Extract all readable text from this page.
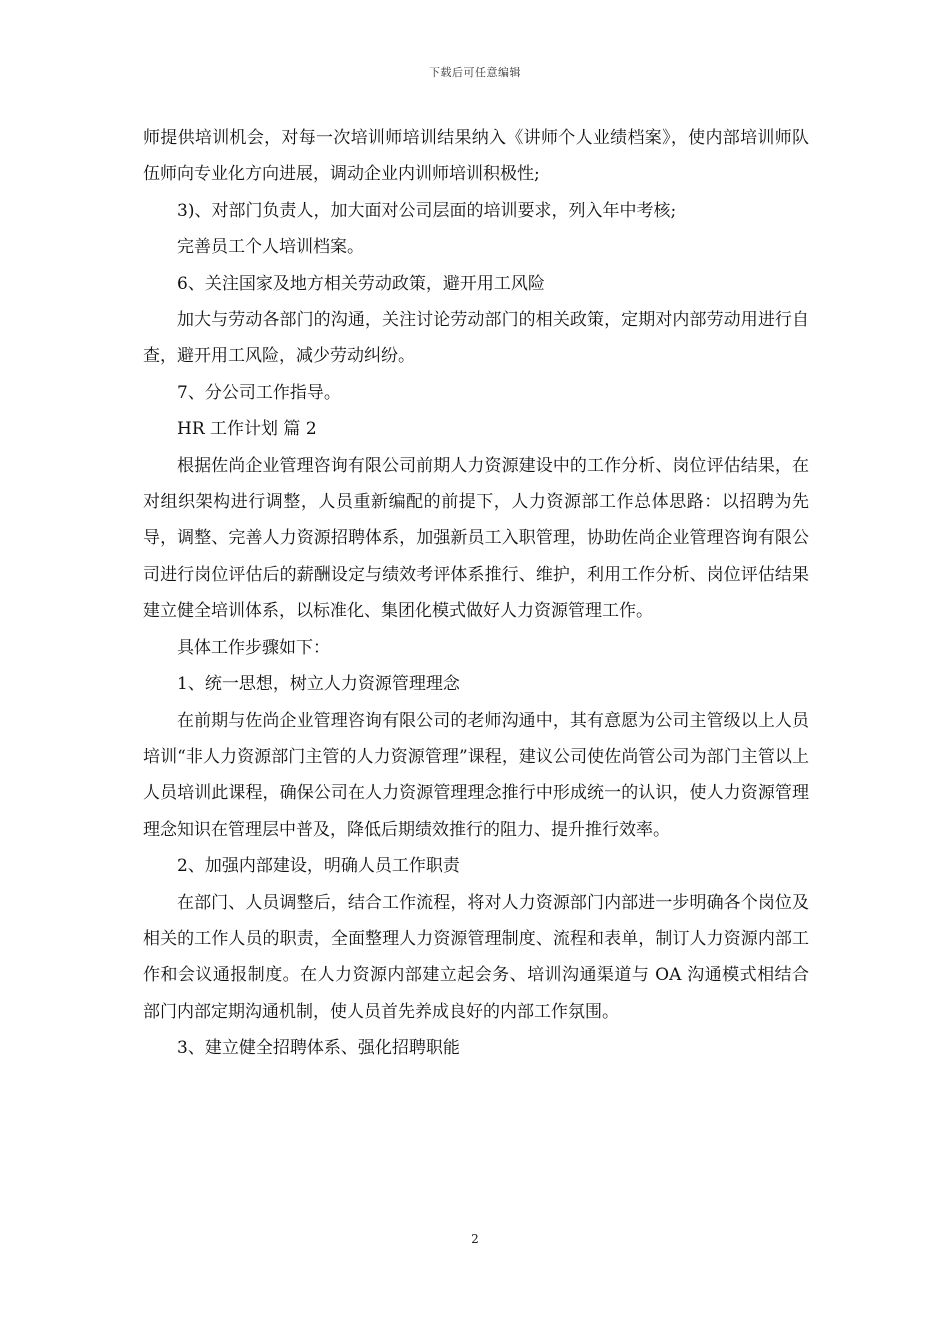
下载后可任意编辑

师提供培训机会，对每一次培训师培训结果纳入《讲师个人业绩档案》，使内部培训师队伍师向专业化方向进展，调动企业内训师培训积极性;

3)、对部门负责人，加大面对公司层面的培训要求，列入年中考核;

完善员工个人培训档案。

6、关注国家及地方相关劳动政策，避开用工风险

加大与劳动各部门的沟通，关注讨论劳动部门的相关政策，定期对内部劳动用进行自查，避开用工风险，减少劳动纠纷。

7、分公司工作指导。

HR 工作计划 篇 2

根据佐尚企业管理咨询有限公司前期人力资源建设中的工作分析、岗位评估结果，在对组织架构进行调整，人员重新编配的前提下，人力资源部工作总体思路：以招聘为先导，调整、完善人力资源招聘体系，加强新员工入职管理，协助佐尚企业管理咨询有限公司进行岗位评估后的薪酬设定与绩效考评体系推行、维护，利用工作分析、岗位评估结果建立健全培训体系，以标准化、集团化模式做好人力资源管理工作。

具体工作步骤如下：

1、统一思想，树立人力资源管理理念

在前期与佐尚企业管理咨询有限公司的老师沟通中，其有意愿为公司主管级以上人员培训“非人力资源部门主管的人力资源管理”课程，建议公司使佐尚管公司为部门主管以上人员培训此课程，确保公司在人力资源管理理念推行中形成统一的认识，使人力资源管理理念知识在管理层中普及，降低后期绩效推行的阻力、提升推行效率。

2、加强内部建设，明确人员工作职责

在部门、人员调整后，结合工作流程，将对人力资源部门内部进一步明确各个岗位及相关的工作人员的职责，全面整理人力资源管理制度、流程和表单，制订人力资源内部工作和会议通报制度。在人力资源内部建立起会务、培训沟通渠道与 OA 沟通模式相结合部门内部定期沟通机制，使人员首先养成良好的内部工作氛围。

3、建立健全招聘体系、强化招聘职能

2
